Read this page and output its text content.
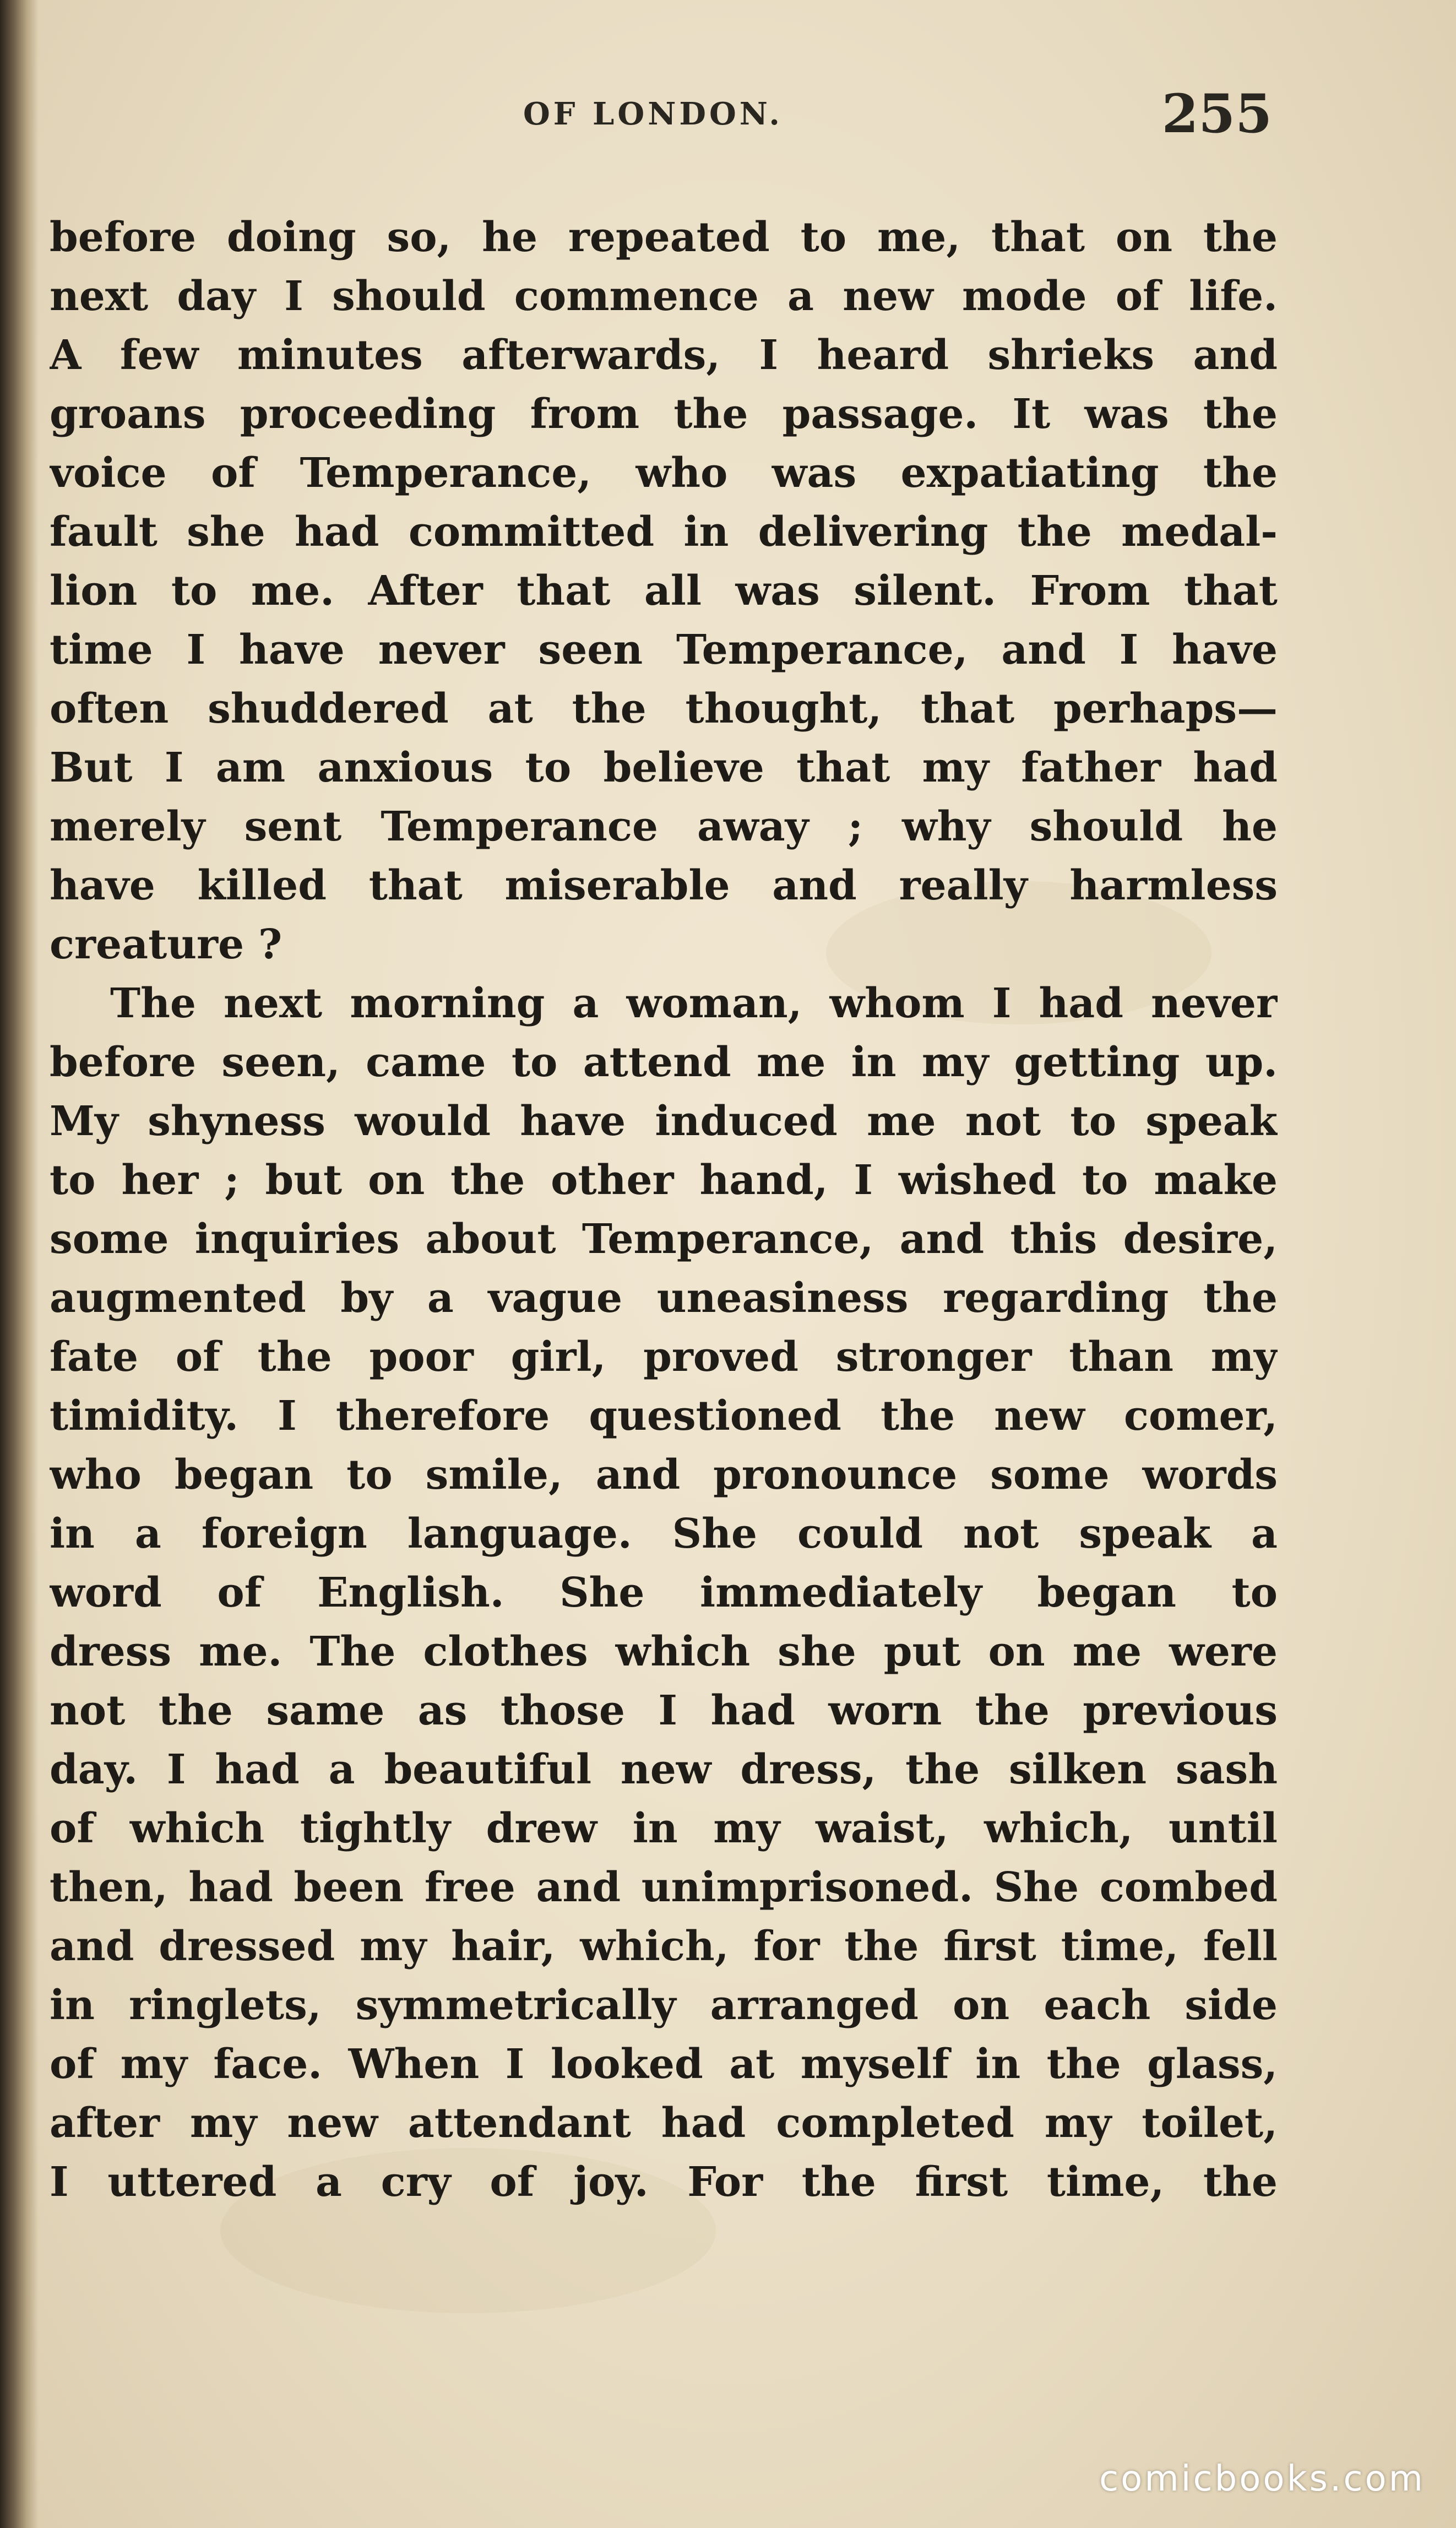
OF LONDON.	255
before doing so, he repeated to me, that on the
next day I should commence a new mode of life.
A few minutes afterwards, I heard shrieks and
groans proceeding from the passage. It was the
voice of Temperance, who was expatiating the
fault she had committed in delivering the medal-
lion to me. After that all was silent. From that
time I have never seen Temperance, and I have
often shuddered at the thought, that perhaps—
But I am anxious to believe that my father had
merely sent Temperance away ; why should he
have killed that miserable and really harmless
creature ?
The next morning a woman, whom I had never
before seen, came to attend me in my getting up.
My shyness would have induced me not to speak
to her ; but on the other hand, I wished to make
some inquiries about Temperance, and this desire,
augmented by a vague uneasiness regarding the
fate of the poor girl, proved stronger than my
timidity. I therefore questioned the new comer,
who began to smile, and pronounce some words
in a foreign language. She could not speak a
word of English. She immediately began to
dress me. The clothes which she put on me were
not the same as those I had worn the previous
day. I had a beautiful new dress, the silken sash
of which tightly drew in my waist, which, until
then, had been free and unimprisoned. She combed
and dressed my hair, which, for the first time, fell
in ringlets, symmetrically arranged on each side
of my face. When I looked at myself in the glass,
after my new attendant had completed my toilet,
I uttered a cry of joy. For the first time, the
comicbooks.com
